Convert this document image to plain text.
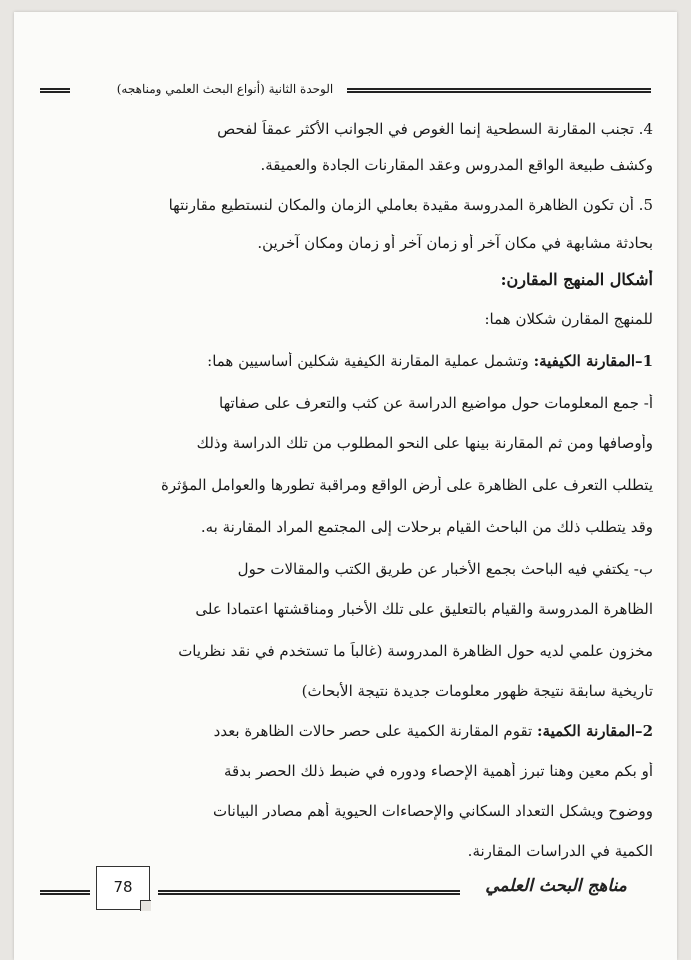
الوحدة الثانية (أنواع البحث العلمي ومناهجه)
4. تجنب المقارنة السطحية إنما الغوص في الجوانب الأكثر عمقاً لفحص
وكشف طبيعة الواقع المدروس وعقد المقارنات الجادة والعميقة.
5. أن تكون الظاهرة المدروسة مقيدة بعاملي الزمان والمكان لنستطيع مقارنتها
بحادثة مشابهة في مكان آخر أو زمان آخر أو زمان ومكان آخرين.
أشكال المنهج المقارن:
للمنهج المقارن شكلان هما:
1–المقارنة الكيفية: وتشمل عملية المقارنة الكيفية شكلين أساسيين هما:
أ- جمع المعلومات حول مواضيع الدراسة عن كثب والتعرف على صفاتها
وأوصافها ومن ثم المقارنة بينها على النحو المطلوب من تلك الدراسة وذلك
يتطلب التعرف على الظاهرة على أرض الواقع ومراقبة تطورها والعوامل المؤثرة
وقد يتطلب ذلك من الباحث القيام برحلات إلى المجتمع المراد المقارنة به.
ب- يكتفي فيه الباحث بجمع الأخبار عن طريق الكتب والمقالات حول
الظاهرة المدروسة والقيام بالتعليق على تلك الأخبار ومناقشتها اعتمادا على
مخزون علمي لديه حول الظاهرة المدروسة (غالباً ما تستخدم في نقد نظريات
تاريخية سابقة نتيجة ظهور معلومات جديدة نتيجة الأبحاث)
2–المقارنة الكمية: تقوم المقارنة الكمية على حصر حالات الظاهرة بعدد
أو بكم معين وهنا تبرز أهمية الإحصاء ودوره في ضبط ذلك الحصر بدقة
ووضوح ويشكل التعداد السكاني والإحصاءات الحيوية أهم مصادر البيانات
الكمية في الدراسات المقارنة.
78	مناهج البحث العلمي
